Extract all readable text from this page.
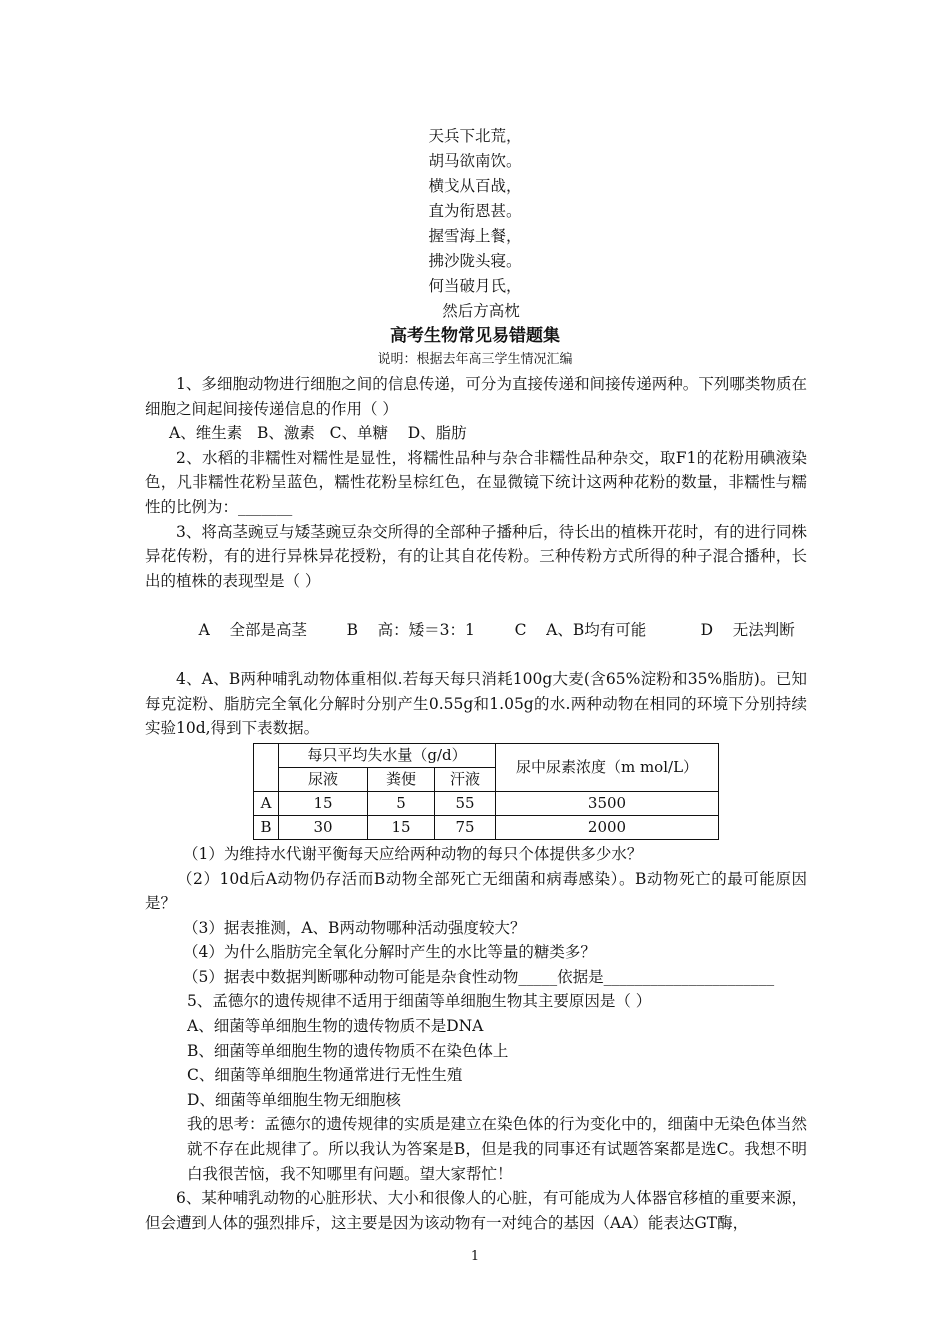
天兵下北荒，
胡马欲南饮。
横戈从百战，
直为衔恩甚。
握雪海上餐，
拂沙陇头寝。
何当破月氏，
然后方高枕
高考生物常见易错题集
说明：根据去年高三学生情况汇编

1、多细胞动物进行细胞之间的信息传递，可分为直接传递和间接传递两种。下列哪类物质在细胞之间起间接传递信息的作用（ ）

A、维生素   B、激素   C、单糖    D、脂肪

2、水稻的非糯性对糯性是显性，将糯性品种与杂合非糯性品种杂交，取F1的花粉用碘液染色，凡非糯性花粉呈蓝色，糯性花粉呈棕红色，在显微镜下统计这两种花粉的数量，非糯性与糯性的比例为：_______

3、将高茎豌豆与矮茎豌豆杂交所得的全部种子播种后，待长出的植株开花时，有的进行同株异花传粉，有的进行异株异花授粉，有的让其自花传粉。三种传粉方式所得的种子混合播种，长出的植株的表现型是（ ）

A    全部是高茎	B    高：矮＝3：1	C    A、B均有可能	D    无法判断

4、A、B两种哺乳动物体重相似.若每天每只消耗100g大麦(含65%淀粉和35%脂肪)。已知每克淀粉、脂肪完全氧化分解时分别产生0.55g和1.05g的水.两种动物在相同的环境下分别持续实验10d,得到下表数据。

	每只平均失水量（g/d）			尿中尿素浓度（m mol/L）
	尿液	粪便	汗液	
A	15	5	55	3500
B	30	15	75	2000

（1）为维持水代谢平衡每天应给两种动物的每只个体提供多少水？

（2）10d后A动物仍存活而B动物全部死亡无细菌和病毒感染）。B动物死亡的最可能原因是？

（3）据表推测，A、B两动物哪种活动强度较大？

（4）为什么脂肪完全氧化分解时产生的水比等量的糖类多？

（5）据表中数据判断哪种动物可能是杂食性动物_____依据是______________________

5、孟德尔的遗传规律不适用于细菌等单细胞生物其主要原因是（ ）

A、细菌等单细胞生物的遗传物质不是DNA

B、细菌等单细胞生物的遗传物质不在染色体上

C、细菌等单细胞生物通常进行无性生殖

D、细菌等单细胞生物无细胞核

我的思考：孟德尔的遗传规律的实质是建立在染色体的行为变化中的，细菌中无染色体当然就不存在此规律了。所以我认为答案是B，但是我的同事还有试题答案都是选C。我想不明白我很苦恼，我不知哪里有问题。望大家帮忙！

6、某种哺乳动物的心脏形状、大小和很像人的心脏，有可能成为人体器官移植的重要来源，但会遭到人体的强烈排斥，这主要是因为该动物有一对纯合的基因（AA）能表达GT酶，

1
